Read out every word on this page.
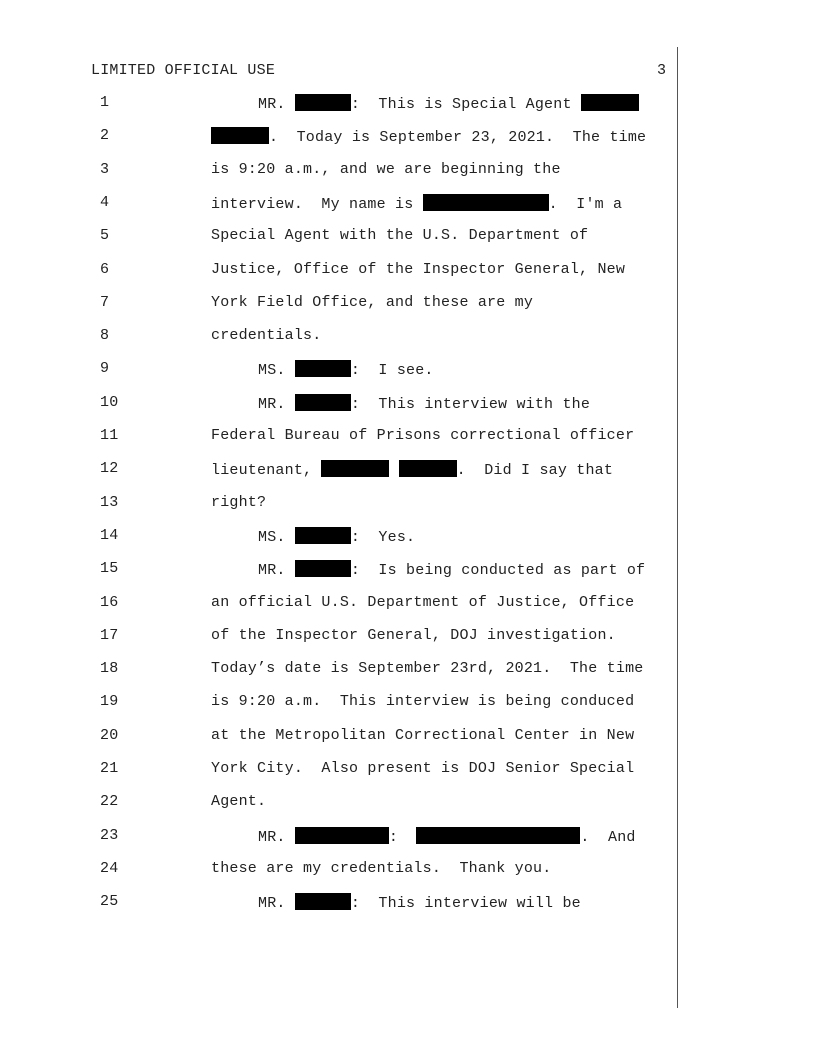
LIMITED OFFICIAL USE	3
1	MR.	:  This is Special Agent
2	.  Today is September 23, 2021.  The time
3	is 9:20 a.m., and we are beginning the
4	interview.  My name is	.  I'm a
5	Special Agent with the U.S. Department of
6	Justice, Office of the Inspector General, New
7	York Field Office, and these are my
8	credentials.
9	MS.	:  I see.
10	MR.	:  This interview with the
11	Federal Bureau of Prisons correctional officer
12	lieutenant,	.  Did I say that
13	right?
14	MS.	:  Yes.
15	MR.	:  Is being conducted as part of
16	an official U.S. Department of Justice, Office
17	of the Inspector General, DOJ investigation.
18	Today’s date is September 23rd, 2021.  The time
19	is 9:20 a.m.  This interview is being conduced
20	at the Metropolitan Correctional Center in New
21	York City.  Also present is DOJ Senior Special
22	Agent.
23	MR.	:	.  And
24	these are my credentials.  Thank you.
25	MR.	:  This interview will be
